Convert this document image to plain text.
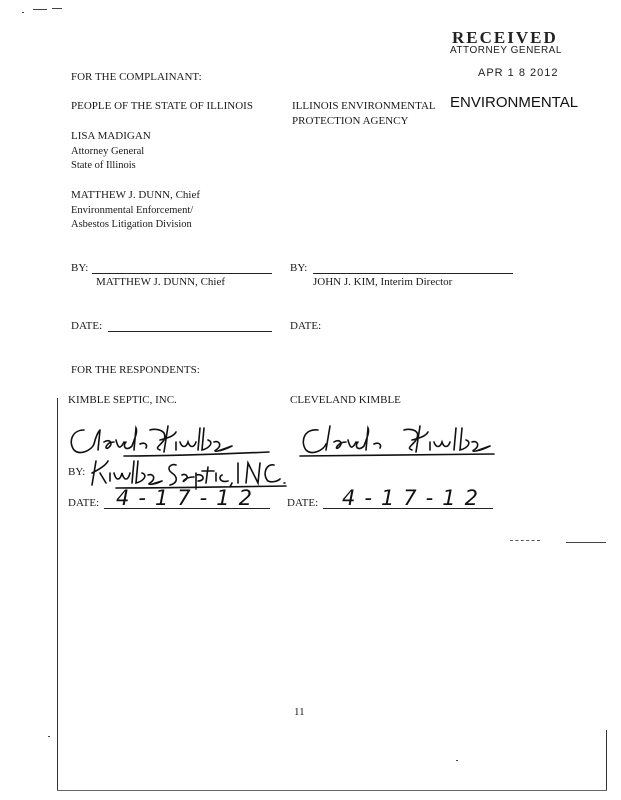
RECEIVED
ATTORNEY GENERAL
APR 1 8 2012
FOR THE COMPLAINANT:
PEOPLE OF THE STATE OF ILLINOIS	ILLINOIS ENVIRONMENTAL ENVIRONMENTAL
PROTECTION AGENCY
LISA MADIGAN
Attorney General
State of Illinois
MATTHEW J. DUNN, Chief
Environmental Enforcement/
Asbestos Litigation Division
BY:
MATTHEW J. DUNN, Chief
BY:
JOHN J. KIM, Interim Director
DATE:	DATE:
FOR THE RESPONDENTS:
KIMBLE SEPTIC, INC.	CLEVELAND KIMBLE
BY:
DATE: 4-17-12 DATE: 4-17-12
11
